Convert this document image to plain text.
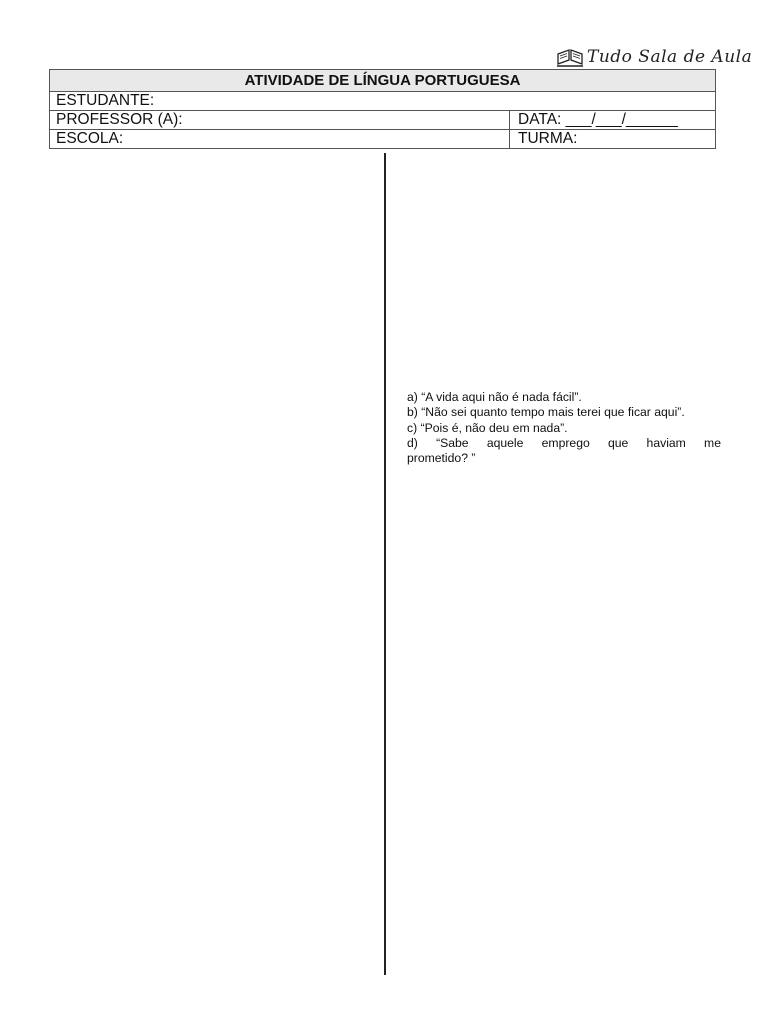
Tudo Sala de Aula
ATIVIDADE DE LÍNGUA PORTUGUESA
ESTUDANTE:
PROFESSOR (A):	DATA: ___/___/______
ESCOLA:	TURMA:

a) “A vida aqui não é nada fácil”.

b) “Não sei quanto tempo mais terei que ficar aqui”.

c) “Pois é, não deu em nada”.

d) “Sabe aquele emprego que haviam me
prometido? ”
